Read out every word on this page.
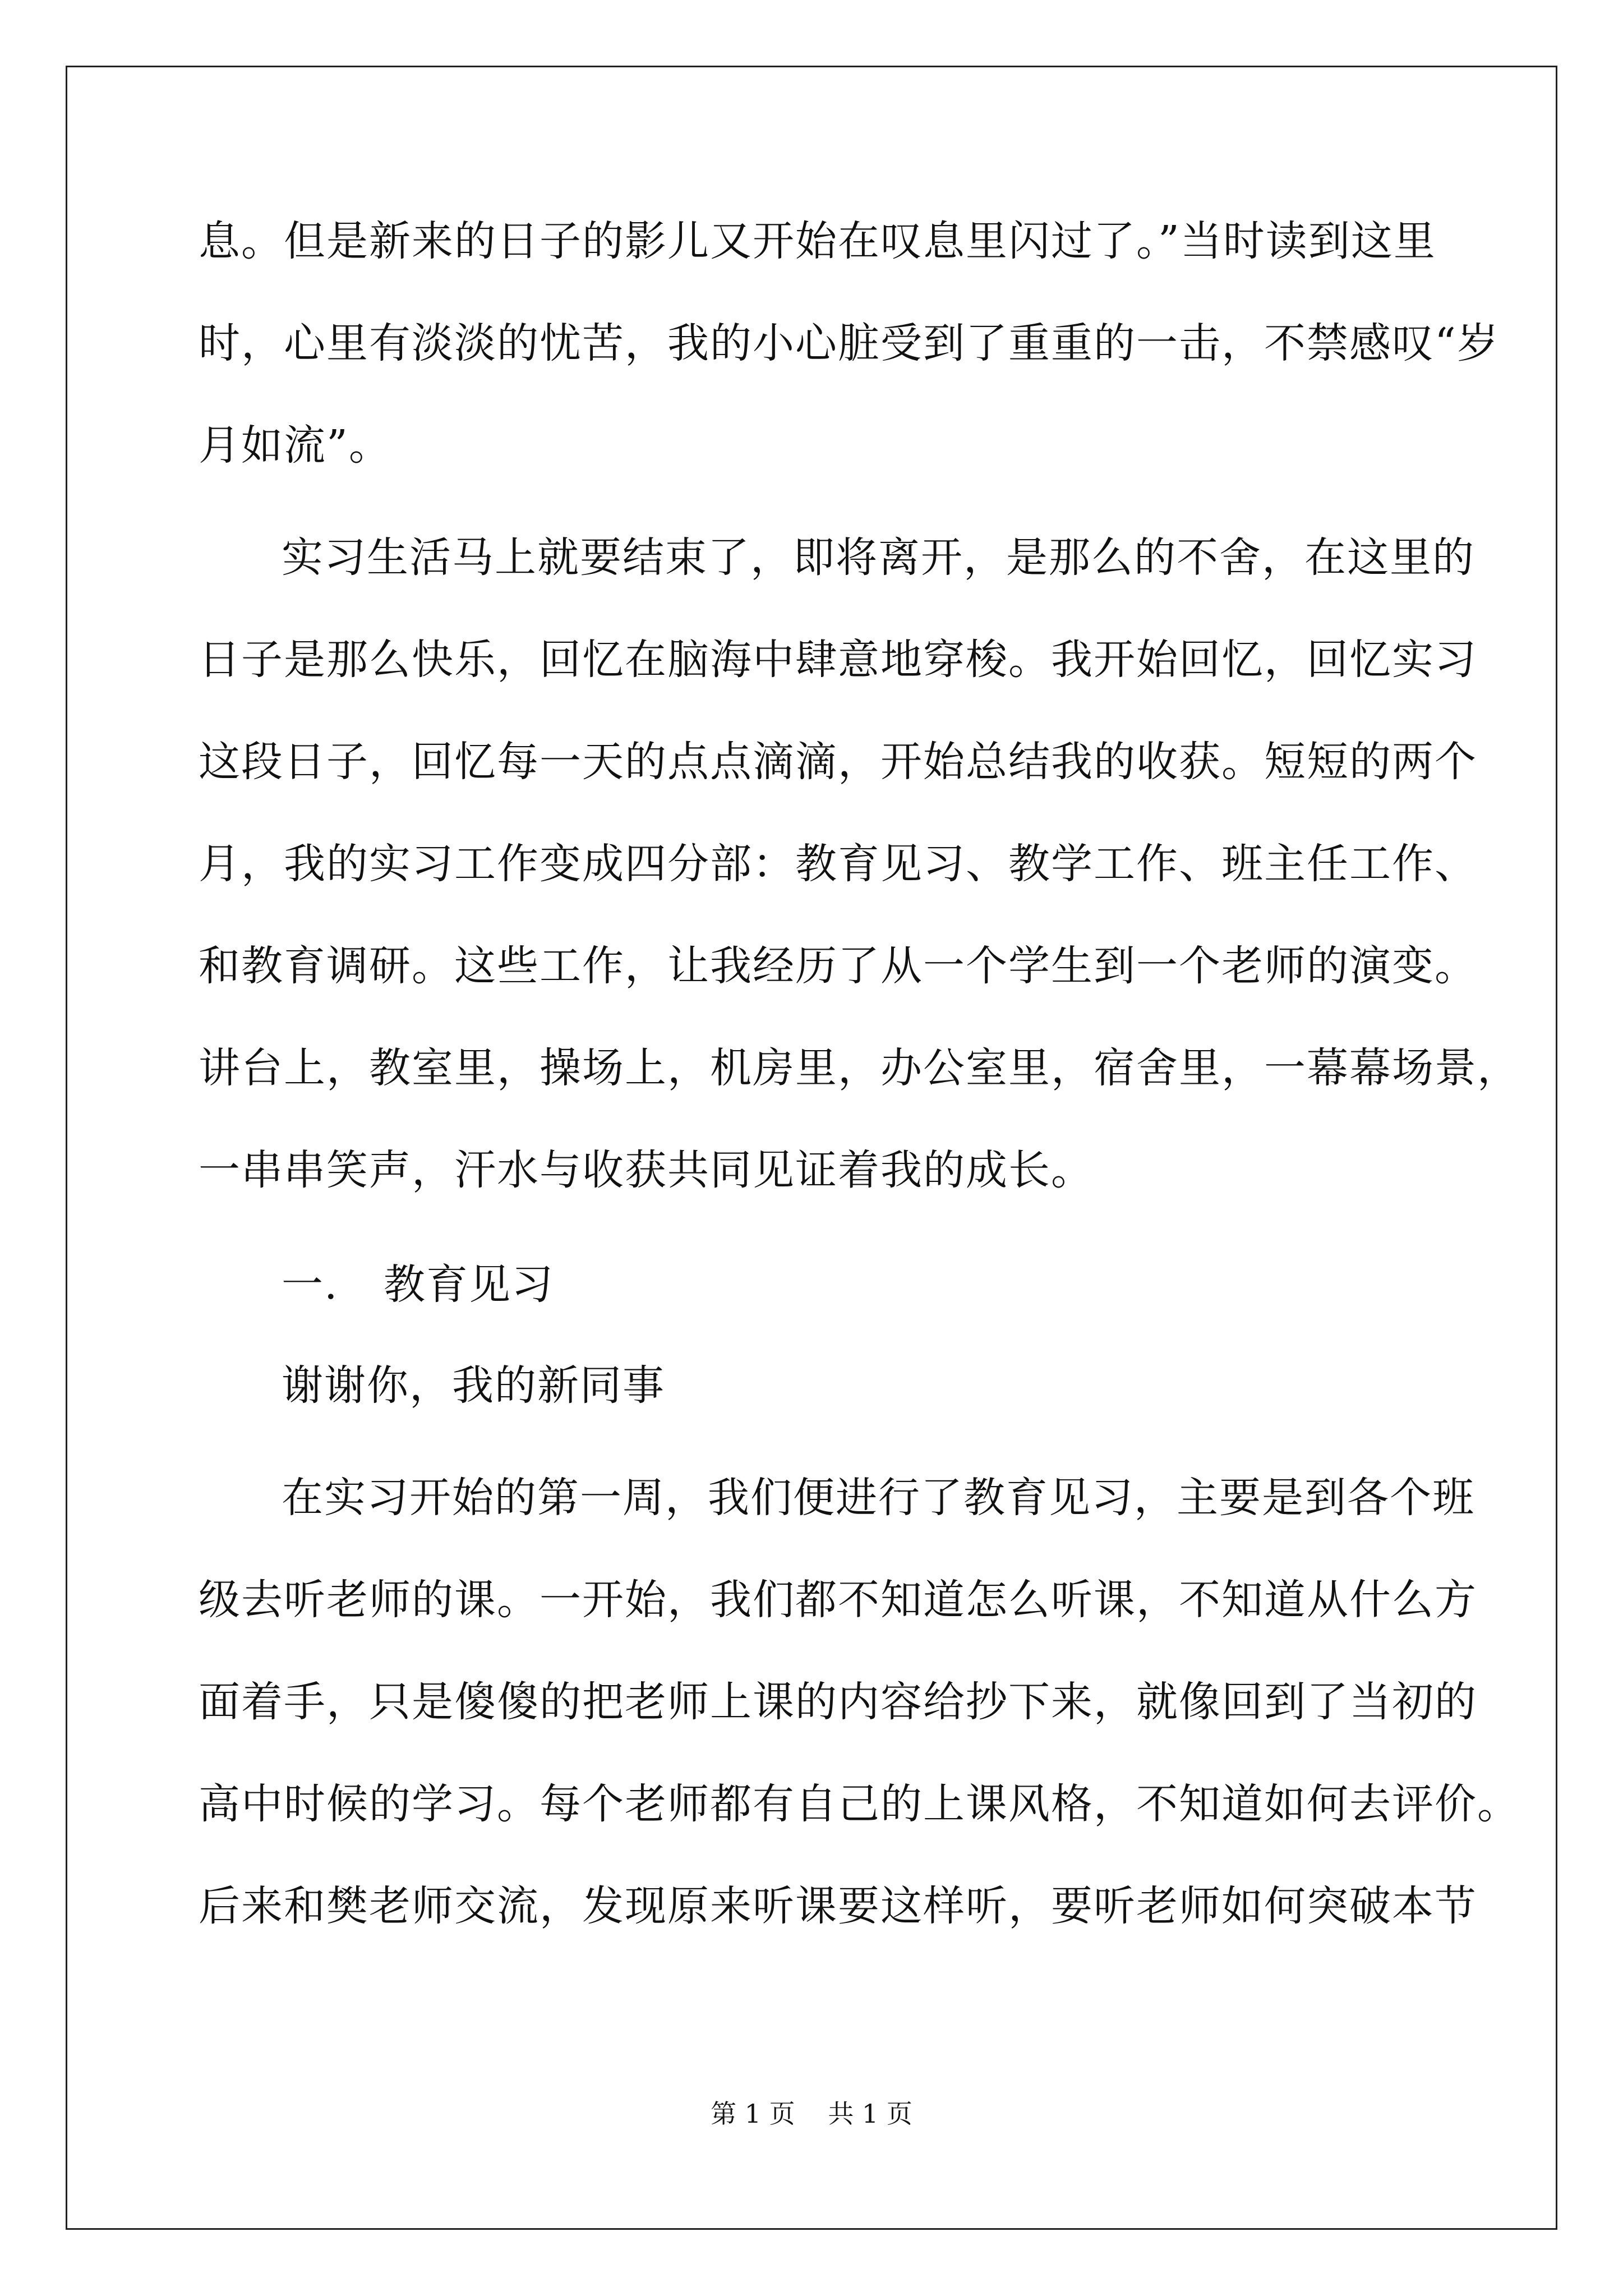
息。但是新来的日子的影儿又开始在叹息里闪过了。”当时读到这里
时，心里有淡淡的忧苦，我的小心脏受到了重重的一击，不禁感叹“岁
月如流”。
实习生活马上就要结束了，即将离开，是那么的不舍，在这里的
日子是那么快乐，回忆在脑海中肆意地穿梭。我开始回忆，回忆实习
这段日子，回忆每一天的点点滴滴，开始总结我的收获。短短的两个
月，我的实习工作变成四分部：教育见习、教学工作、班主任工作、
和教育调研。这些工作，让我经历了从一个学生到一个老师的演变。
讲台上，教室里，操场上，机房里，办公室里，宿舍里，一幕幕场景，
一串串笑声，汗水与收获共同见证着我的成长。
一. 教育见习
谢谢你，我的新同事
在实习开始的第一周，我们便进行了教育见习，主要是到各个班
级去听老师的课。一开始，我们都不知道怎么听课，不知道从什么方
面着手，只是傻傻的把老师上课的内容给抄下来，就像回到了当初的
高中时候的学习。每个老师都有自己的上课风格，不知道如何去评价。
后来和樊老师交流，发现原来听课要这样听，要听老师如何突破本节
第 1 页 共 1 页
